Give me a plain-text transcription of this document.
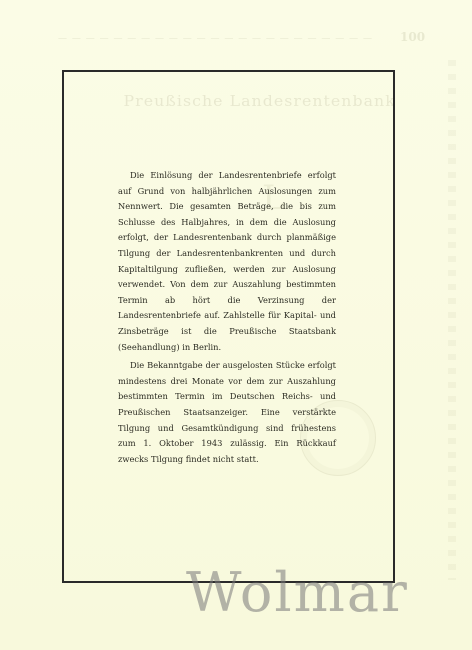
— — — — — — — — — — — — — — — — — — — — — — — 100
Preußische Landesrentenbank
L

Die Einlösung der Landesrentenbriefe erfolgt auf Grund von halbjährlichen Auslosungen zum Nennwert. Die gesamten Beträge, die bis zum Schlusse des Halbjahres, in dem die Auslosung erfolgt, der Landesrentenbank durch planmäßige Tilgung der Landesrentenbankrenten und durch Kapitaltilgung zufließen, werden zur Auslosung verwendet. Von dem zur Auszahlung bestimmten Termin ab hört die Verzinsung der Landesrentenbriefe auf. Zahlstelle für Kapital- und Zinsbeträge ist die Preußische Staatsbank (Seehandlung) in Berlin.

Die Bekanntgabe der ausgelosten Stücke erfolgt mindestens drei Monate vor dem zur Auszahlung bestimmten Termin im Deutschen Reichs- und Preußischen Staatsanzeiger. Eine verstärkte Tilgung und Gesamtkündigung sind frühestens zum 1. Oktober 1943 zulässig. Ein Rückkauf zwecks Tilgung findet nicht statt.

Wolmar
